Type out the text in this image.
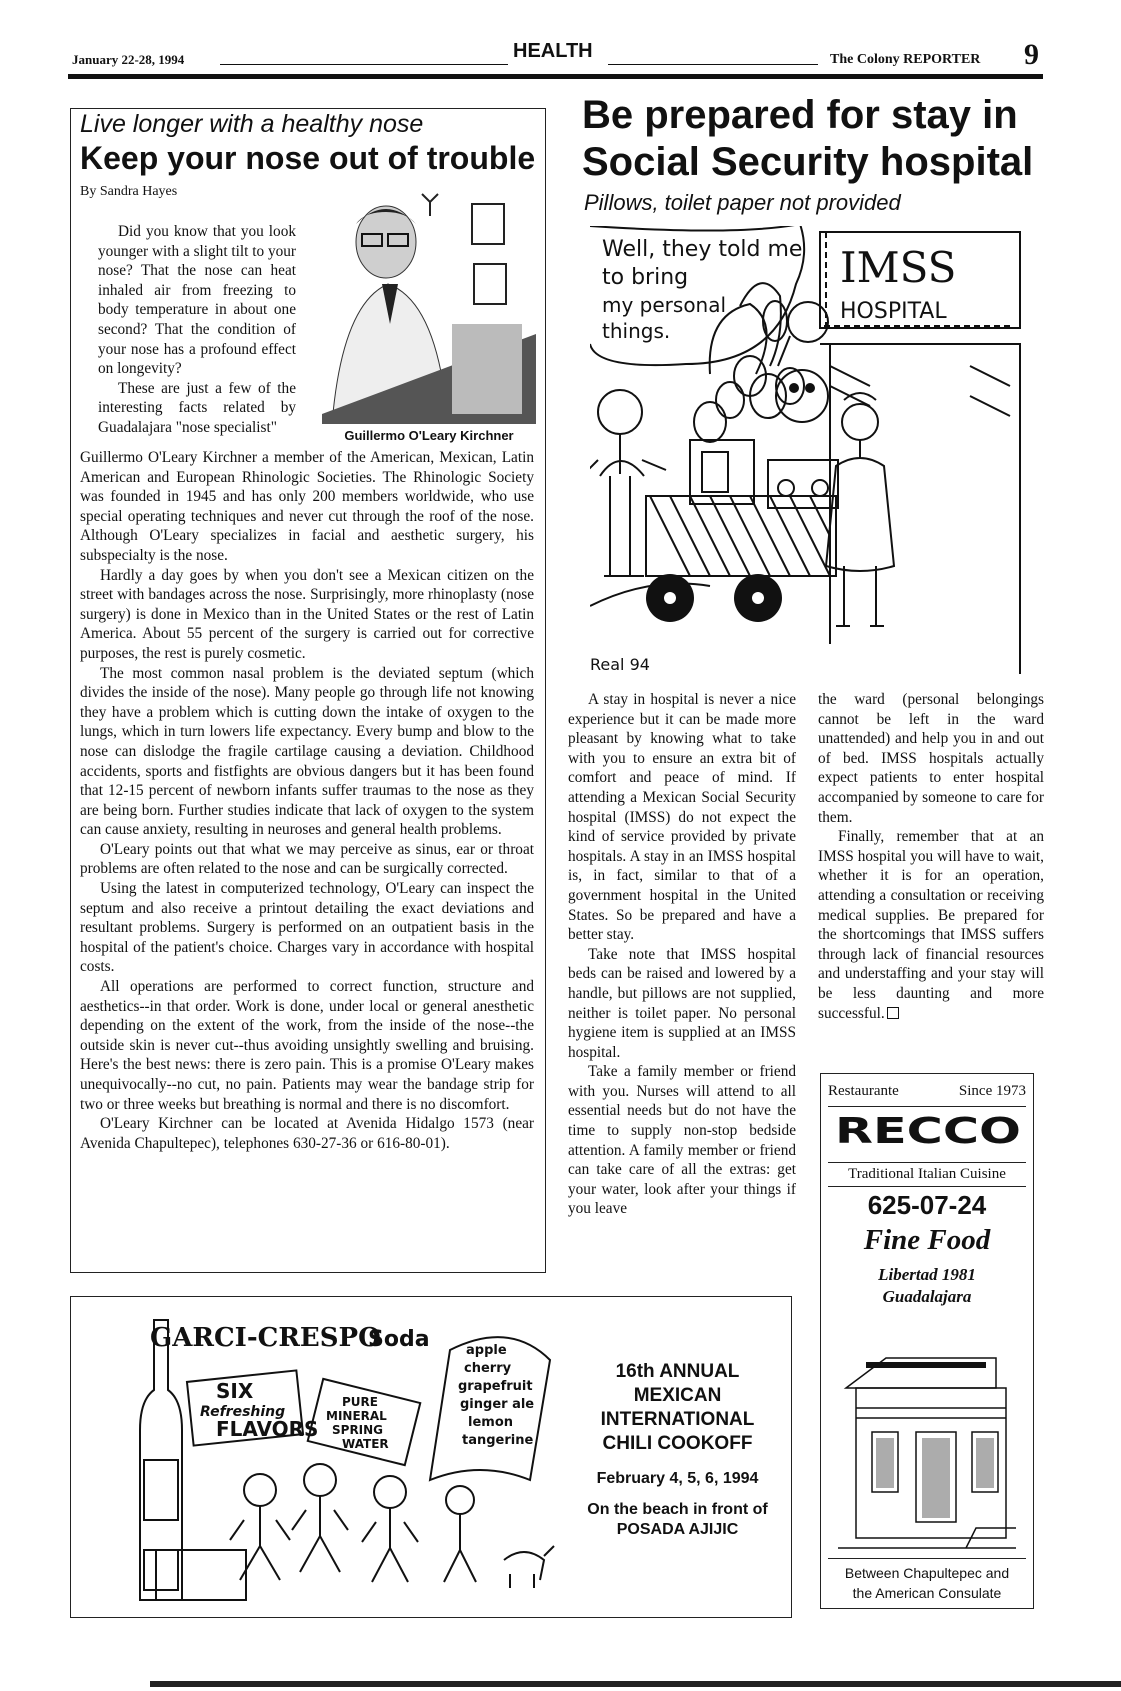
January 22-28, 1994	HEALTH	The Colony REPORTER 9
Live longer with a healthy nose
Keep your nose out of trouble
By Sandra Hayes

Did you know that you look younger with a slight tilt to your nose? That the nose can heat inhaled air from freezing to body temperature in about one second? That the condition of your nose has a profound effect on longevity?

These are just a few of the interesting facts related by Guadalajara "nose specialist"	Guillermo O'Leary Kirchner

Guillermo O'Leary Kirchner a member of the American, Mexican, Latin American and European Rhinologic Societies. The Rhinologic Society was founded in 1945 and has only 200 members worldwide, who use special operating techniques and never cut through the roof of the nose. Although O'Leary specializes in facial and aesthetic surgery, his subspecialty is the nose.

Hardly a day goes by when you don't see a Mexican citizen on the street with bandages across the nose. Surprisingly, more rhinoplasty (nose surgery) is done in Mexico than in the United States or the rest of Latin America. About 55 percent of the surgery is carried out for corrective purposes, the rest is purely cosmetic.

The most common nasal problem is the deviated septum (which divides the inside of the nose). Many people go through life not knowing they have a problem which is cutting down the intake of oxygen to the lungs, which in turn lowers life expectancy. Every bump and blow to the nose can dislodge the fragile cartilage causing a deviation. Childhood accidents, sports and fistfights are obvious dangers but it has been found that 12-15 percent of newborn infants suffer traumas to the nose as they are being born. Further studies indicate that lack of oxygen to the system can cause anxiety, resulting in neuroses and general health problems.

O'Leary points out that what we may perceive as sinus, ear or throat problems are often related to the nose and can be surgically corrected.

Using the latest in computerized technology, O'Leary can inspect the septum and also receive a printout detailing the exact deviations and resultant problems. Surgery is performed on an outpatient basis in the hospital of the patient's choice. Charges vary in accordance with hospital costs.

All operations are performed to correct function, structure and aesthetics--in that order. Work is done, under local or general anesthetic depending on the extent of the work, from the inside of the nose--the outside skin is never cut--thus avoiding unsightly swelling and bruising. Here's the best news: there is zero pain. This is a promise O'Leary makes unequivocally--no cut, no pain. Patients may wear the bandage strip for two or three weeks but breathing is normal and there is no discomfort.

O'Leary Kirchner can be located at Avenida Hidalgo 1573 (near Avenida Chapultepec), telephones 630-27-36 or 616-80-01).

Be prepared for stay in Social Security hospital
Pillows, toilet paper not provided
Well, they told me
to bring
my personal
things.
IMSS
HOSPITAL
Real 94

A stay in hospital is never a nice experience but it can be made more pleasant by knowing what to take with you to ensure an extra bit of comfort and peace of mind. If attending a Mexican Social Security hospital (IMSS) do not expect the kind of service provided by private hospitals. A stay in an IMSS hospital is, in fact, similar to that of a government hospital in the United States. So be prepared and have a better stay.

Take note that IMSS hospital beds can be raised and lowered by a handle, but pillows are not supplied, neither is toilet paper. No personal hygiene item is supplied at an IMSS hospital.

Take a family member or friend with you. Nurses will attend to all essential needs but do not have the time to supply non-stop bedside attention. A family member or friend can take care of all the extras: get your water, look after your things if you leave

the ward (personal belongings cannot be left in the ward unattended) and help you in and out of bed. IMSS hospitals actually expect patients to enter hospital accompanied by someone to care for them.

Finally, remember that at an IMSS hospital you will have to wait, whether it is for an operation, attending a consultation or receiving medical supplies. Be prepared for the shortcomings that IMSS suffers through lack of financial resources and understaffing and your stay will be less daunting and more successful.

GARCI-CRESPO
Soda
SIX
Refreshing
FLAVORS
PURE
MINERAL
SPRING
WATER
apple
cherry
grapefruit
ginger ale
lemon
tangerine
16th ANNUAL
MEXICAN
INTERNATIONAL
CHILI COOKOFF
February 4, 5, 6, 1994
On the beach in front of
POSADA AJIJIC
Restaurante	Since 1973
RECCO
Traditional Italian Cuisine
625-07-24
Fine Food
Libertad 1981
Guadalajara
Between Chapultepec and
the American Consulate
